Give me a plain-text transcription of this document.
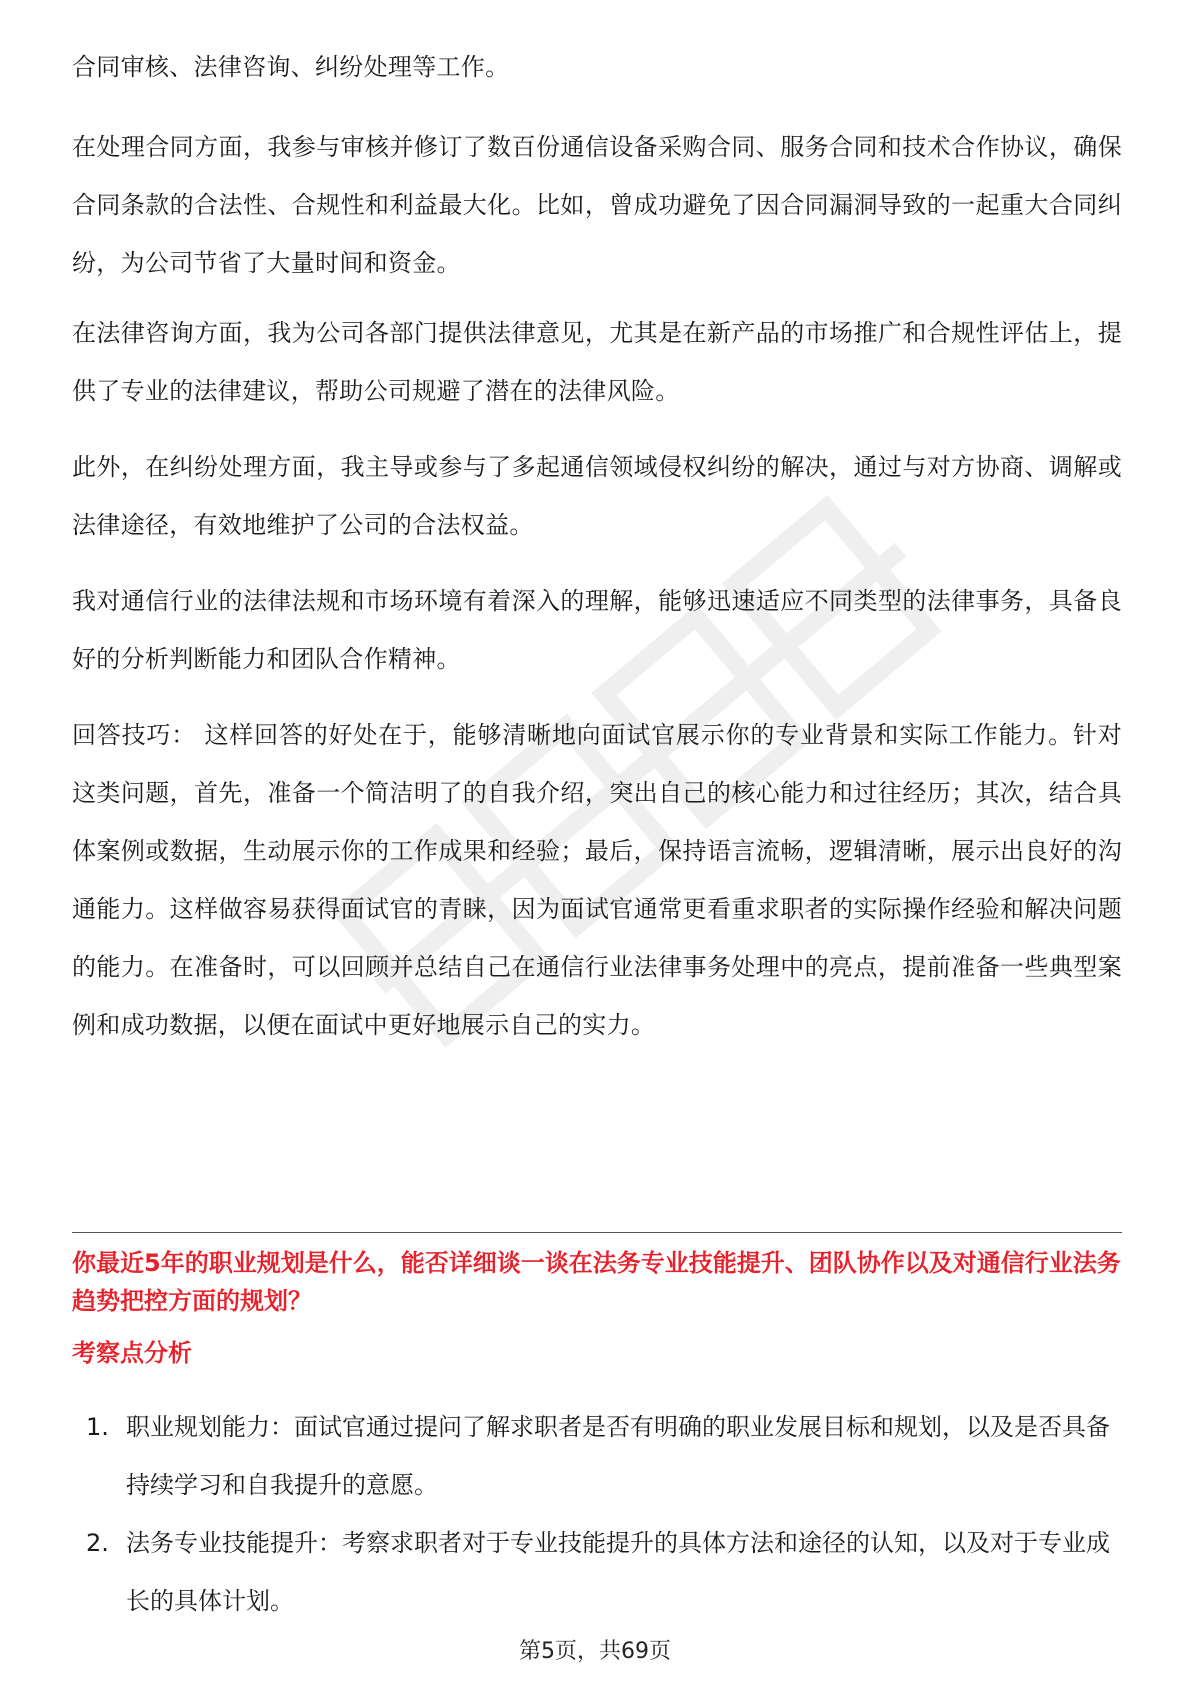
合同审核、法律咨询、纠纷处理等工作。

在处理合同方面，我参与审核并修订了数百份通信设备采购合同、服务合同和技术合作协议，确保合同条款的合法性、合规性和利益最大化。比如，曾成功避免了因合同漏洞导致的一起重大合同纠纷，为公司节省了大量时间和资金。

在法律咨询方面，我为公司各部门提供法律意见，尤其是在新产品的市场推广和合规性评估上，提供了专业的法律建议，帮助公司规避了潜在的法律风险。

此外，在纠纷处理方面，我主导或参与了多起通信领域侵权纠纷的解决，通过与对方协商、调解或法律途径，有效地维护了公司的合法权益。

我对通信行业的法律法规和市场环境有着深入的理解，能够迅速适应不同类型的法律事务，具备良好的分析判断能力和团队合作精神。

回答技巧： 这样回答的好处在于，能够清晰地向面试官展示你的专业背景和实际工作能力。针对这类问题，首先，准备一个简洁明了的自我介绍，突出自己的核心能力和过往经历；其次，结合具体案例或数据，生动展示你的工作成果和经验；最后，保持语言流畅，逻辑清晰，展示出良好的沟通能力。这样做容易获得面试官的青睐，因为面试官通常更看重求职者的实际操作经验和解决问题的能力。在准备时，可以回顾并总结自己在通信行业法律事务处理中的亮点，提前准备一些典型案例和成功数据，以便在面试中更好地展示自己的实力。

你最近5年的职业规划是什么，能否详细谈一谈在法务专业技能提升、团队协作以及对通信行业法务趋势把控方面的规划？

考察点分析

1. 职业规划能力：面试官通过提问了解求职者是否有明确的职业发展目标和规划，以及是否具备持续学习和自我提升的意愿。
2. 法务专业技能提升：考察求职者对于专业技能提升的具体方法和途径的认知，以及对于专业成长的具体计划。
第5页，共69页
